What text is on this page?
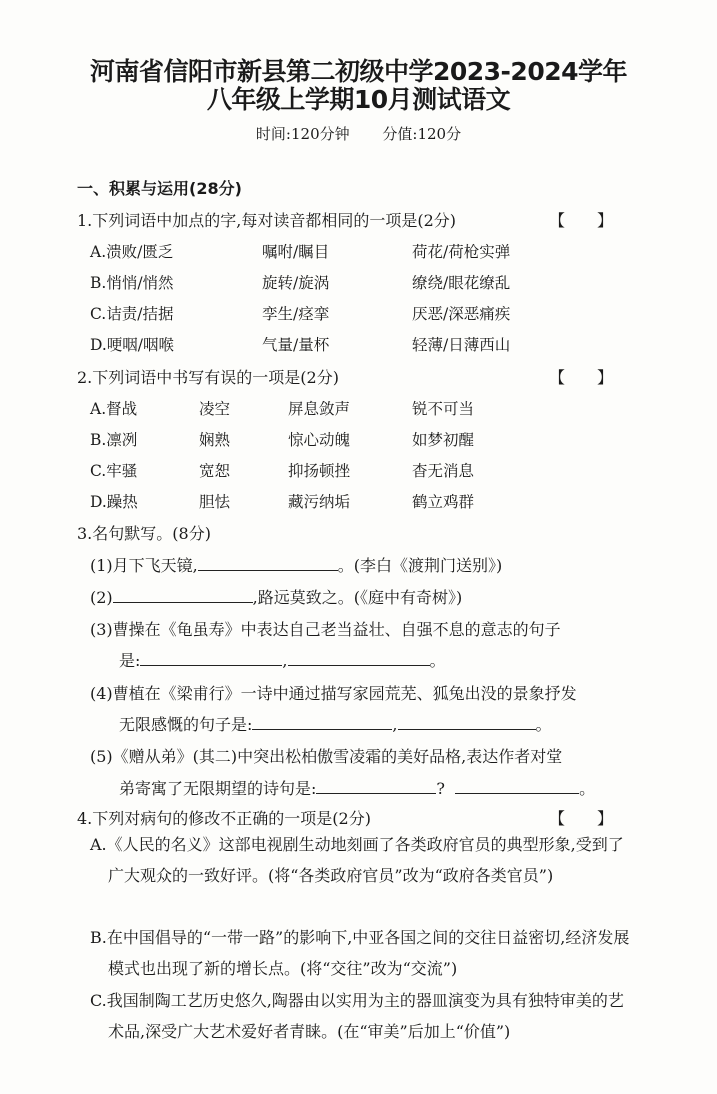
河南省信阳市新县第二初级中学2023-2024学年
八年级上学期10月测试语文
时间:120分钟 分值:120分
一、积累与运用(28分)
1.下列词语中加点的字,每对读音都相同的一项是(2分)	【　　】
A.溃败/匮乏	嘱咐/瞩目	荷花/荷枪实弹
B.悄悄/悄然	旋转/旋涡	缭绕/眼花缭乱
C.诘责/拮据	孪生/痉挛	厌恶/深恶痛疾
D.哽咽/咽喉	气量/量杯	轻薄/日薄西山
2.下列词语中书写有误的一项是(2分)	【　　】
A.督战	凌空	屏息敛声	锐不可当
B.凛冽	娴熟	惊心动魄	如梦初醒
C.牢骚	宽恕	抑扬顿挫	杳无消息
D.躁热	胆怯	藏污纳垢	鹤立鸡群
3.名句默写。(8分)
(1)月下飞天镜,	。(李白《渡荆门送别》)
(2)	,路远莫致之。(《庭中有奇树》)
(3)曹操在《龟虽寿》中表达自己老当益壮、自强不息的意志的句子
是:	,	。
(4)曹植在《梁甫行》一诗中通过描写家园荒芜、狐兔出没的景象抒发
无限感慨的句子是:	,	。
(5)《赠从弟》(其二)中突出松柏傲雪凌霜的美好品格,表达作者对堂
弟寄寓了无限期望的诗句是:	?	。
4.下列对病句的修改不正确的一项是(2分)	【　　】
A.《人民的名义》这部电视剧生动地刻画了各类政府官员的典型形象,受到了广大观众的一致好评。(将“各类政府官员”改为“政府各类官员”)
B.在中国倡导的“一带一路”的影响下,中亚各国之间的交往日益密切,经济发展模式也出现了新的增长点。(将“交往”改为“交流”)
C.我国制陶工艺历史悠久,陶器由以实用为主的器皿演变为具有独特审美的艺术品,深受广大艺术爱好者青睐。(在“审美”后加上“价值”)
